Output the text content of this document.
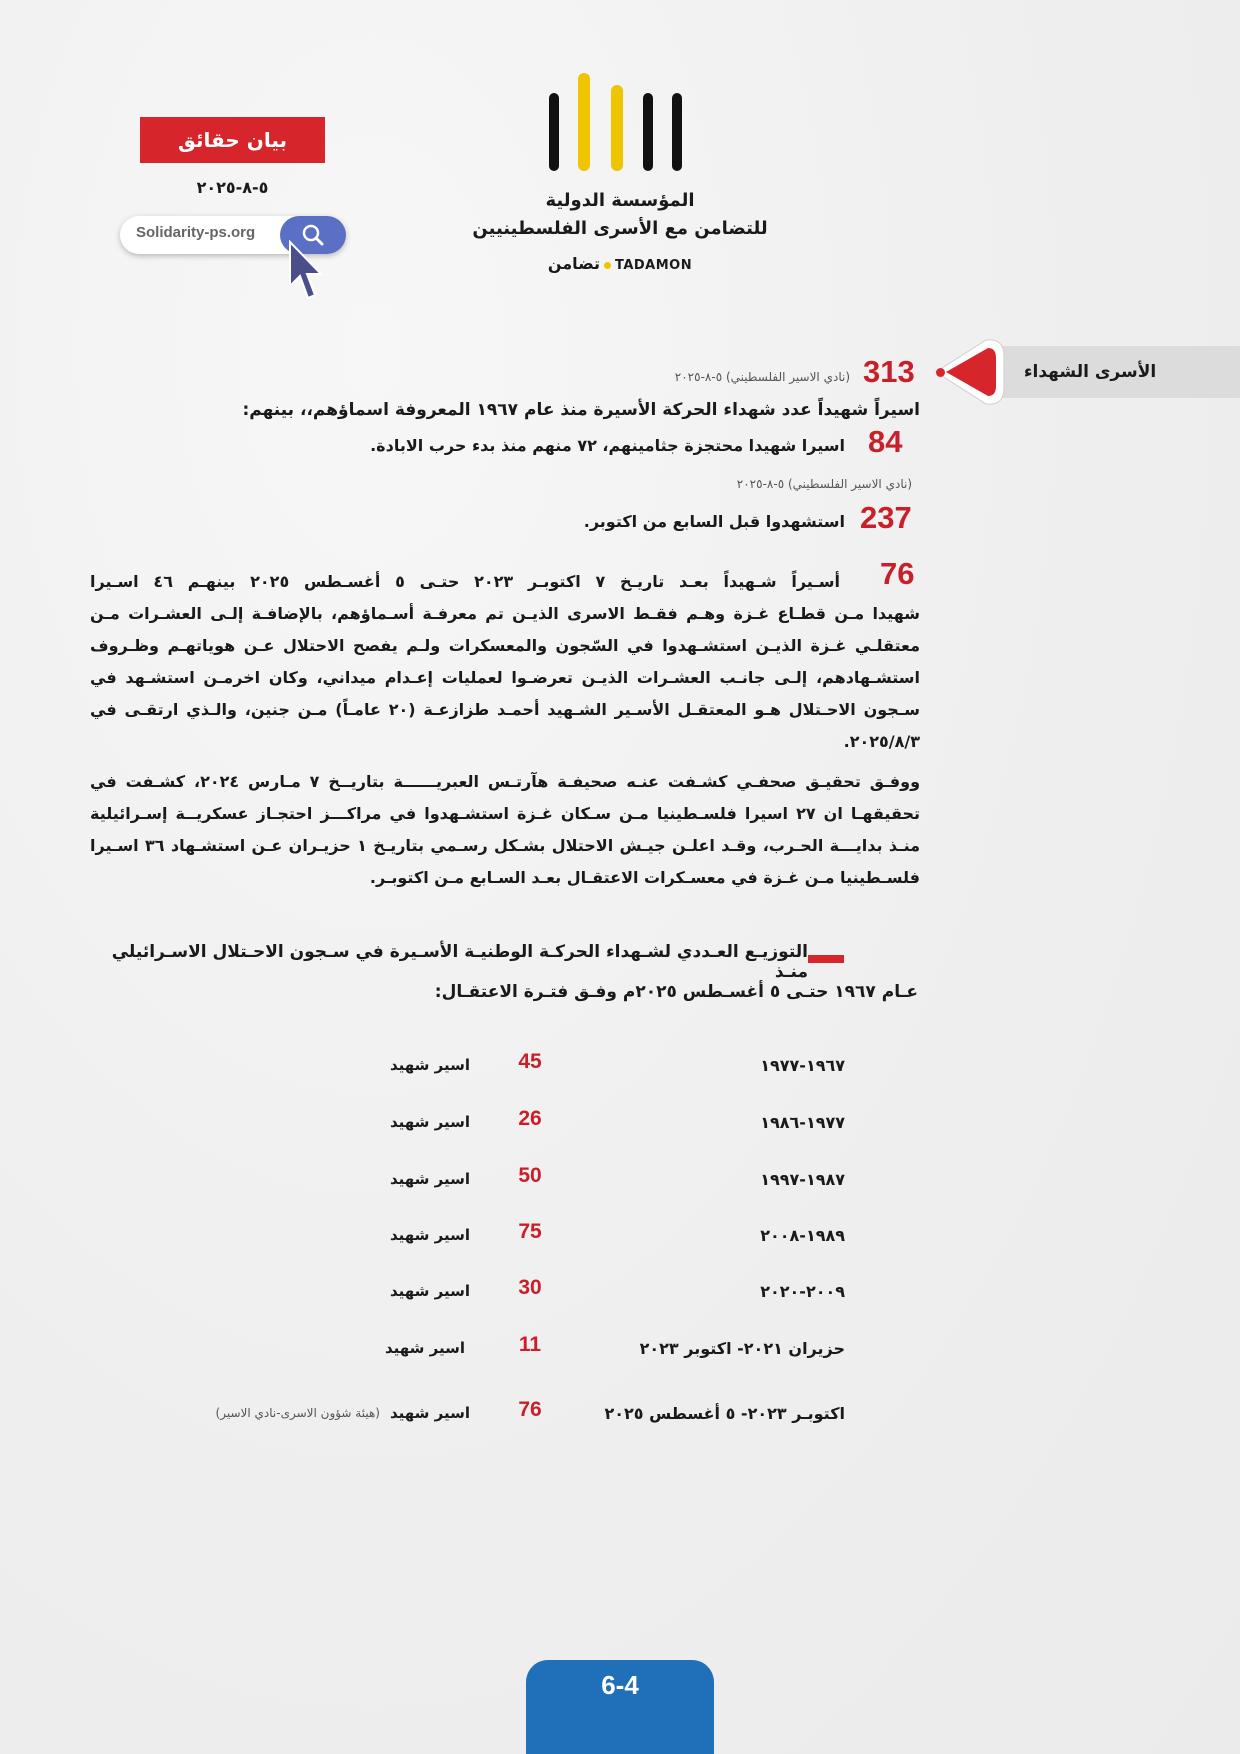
المؤسسة الدولية
للتضامن مع الأسرى الفلسطينيين
تضامن TADAMON
بيان حقائق
٥-٨-٢٠٢٥
Solidarity-ps.org
الأسرى الشهداء
313
(نادي الاسير الفلسطيني) ٥-٨-٢٠٢٥
اسيراً شهيداً عدد شهداء الحركة الأسيرة منذ عام ١٩٦٧ المعروفة اسماؤهم،، بينهم:
84
اسيرا شهيدا محتجزة جثامينهم، ٧٢ منهم منذ بدء حرب الابادة.
(نادي الاسير الفلسطيني) ٥-٨-٢٠٢٥
237
استشهدوا قبل السابع من اكتوبر.
76
أسـيراً شـهيداً بعـد تاريـخ ٧ اكتوبـر ٢٠٢٣ حتـى ٥ أغسـطس ٢٠٢٥ بينهـم ٤٦ اسـيرا
شهيدا مـن قطـاع غـزة وهـم فقـط الاسرى الذيـن تم معرفـة أسـماؤهم، بالإضافـة إلـى العشـرات مـن معتقلـي غـزة الذيـن استشـهدوا في السّجون والمعسكرات ولـم يفصح الاحتلال عـن هوياتهـم وظـروف استشـهادهم، إلـى جانـب العشـرات الذيـن تعرضـوا لعمليات إعـدام ميداني، وكان اخرمـن استشـهد في سـجون الاحـتلال هـو المعتقـل الأسـير الشـهيد أحمـد طزازعـة (٢٠ عامـاً) مـن جنين، والـذي ارتقـى في ٢٠٢٥/٨/٣.
ووفـق تحقيـق صحفـي كشـفت عنـه صحيفـة هآرتـس العبريــــــة بتاريــخ ٧ مـارس ٢٠٢٤، كشـفت في تحقيقهـا ان ٢٧ اسيرا فلسـطينيا مـن سـكان غـزة استشـهدوا في مراكـــز احتجـاز عسكريــة إسـرائيلية منـذ بدايـــة الحـرب، وقـد اعلـن جيـش الاحتلال بشـكل رسـمي بتاريـخ ١ حزيـران عـن استشـهاد ٣٦ اسـيرا فلسـطينيا مـن غـزة في معسـكرات الاعتقـال بعـد السـابع مـن اكتوبـر.
التوزيـع العـددي لشـهداء الحركـة الوطنيـة الأسـيرة في سـجون الاحـتلال الاسـرائيلي منـذ
عـام ١٩٦٧ حتـى ٥ أغسـطس ٢٠٢٥م وفـق فتـرة الاعتقـال:
١٩٦٧-١٩٧٧
45
اسير شهيد
١٩٧٧-١٩٨٦
26
اسير شهيد
١٩٨٧-١٩٩٧
50
اسير شهيد
١٩٨٩-٢٠٠٨
75
اسير شهيد
٢٠٠٩-٢٠٢٠
30
اسير شهيد
حزيران ٢٠٢١- اكتوبر ٢٠٢٣
11
اسير شهيد
اكتوبـر ٢٠٢٣- ٥ أغسطس ٢٠٢٥
76
اسير شهيد
(هيئة شؤون الاسرى-نادي الاسير)
6-4
